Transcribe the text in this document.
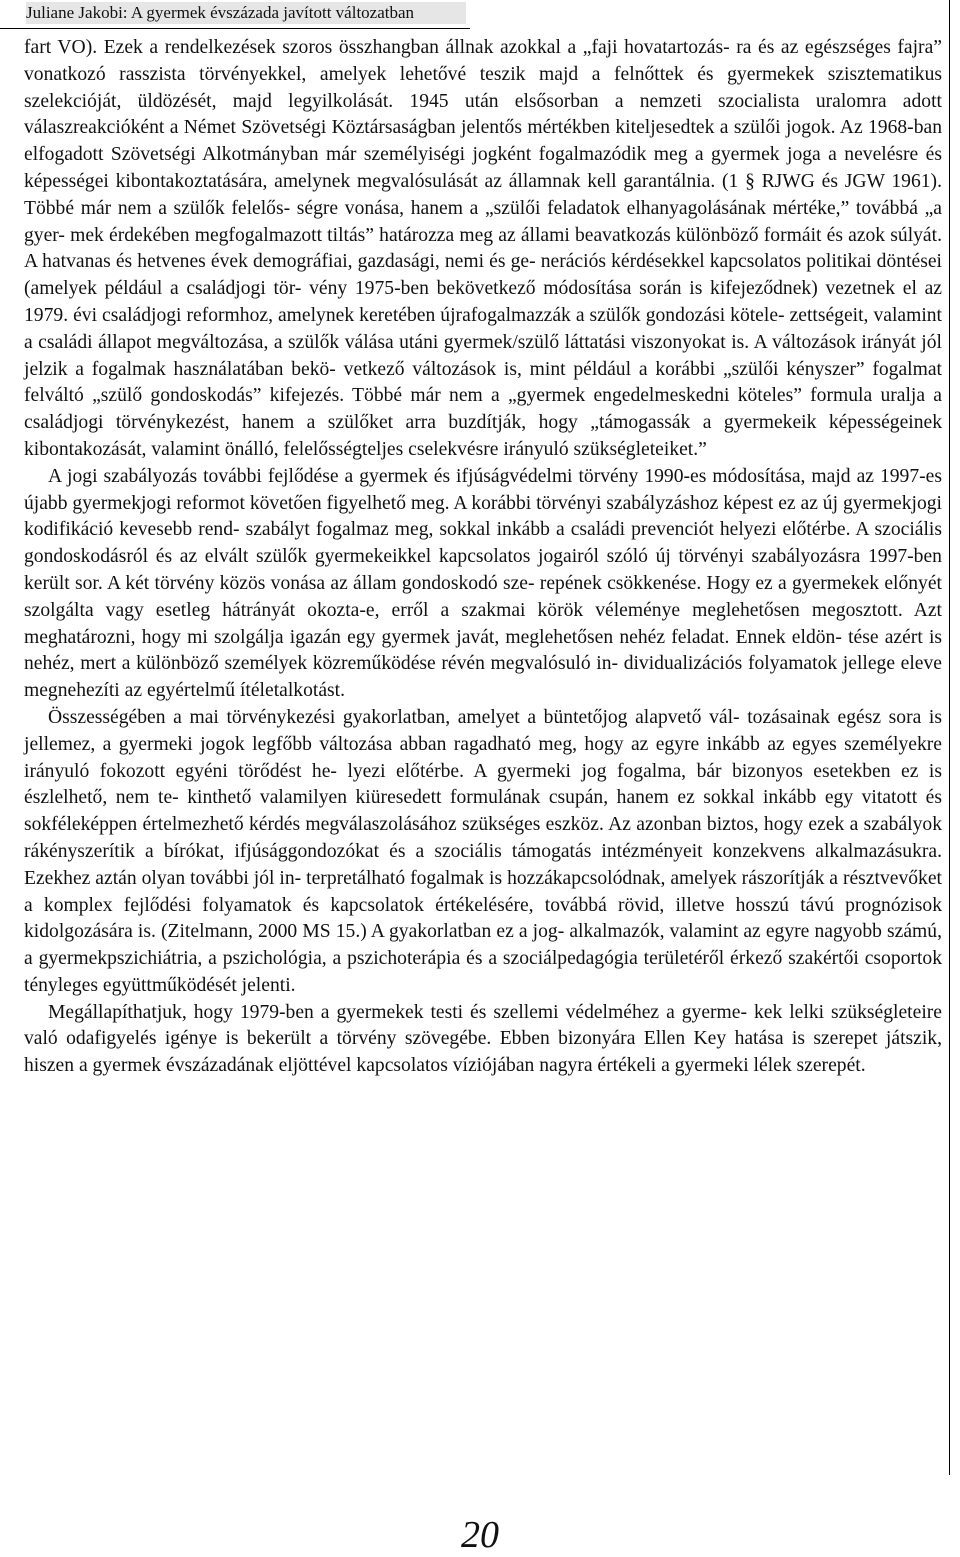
Juliane Jakobi: A gyermek évszázada javított változatban

fart VO). Ezek a rendelkezések szoros összhangban állnak azokkal a „faji hovatartozás- ra és az egészséges fajra” vonatkozó rasszista törvényekkel, amelyek lehetővé teszik majd a felnőttek és gyermekek szisztematikus szelekcióját, üldözését, majd legyilkolását. 1945 után elsősorban a nemzeti szocialista uralomra adott válaszreakcióként a Német Szövetségi Köztársaságban jelentős mértékben kiteljesedtek a szülői jogok. Az 1968-ban elfogadott Szövetségi Alkotmányban már személyiségi jogként fogalmazódik meg a gyermek joga a nevelésre és képességei kibontakoztatására, amelynek megvalósulását az államnak kell garantálnia. (1 § RJWG és JGW 1961). Többé már nem a szülők felelős- ségre vonása, hanem a „szülői feladatok elhanyagolásának mértéke,” továbbá „a gyer- mek érdekében megfogalmazott tiltás” határozza meg az állami beavatkozás különböző formáit és azok súlyát. A hatvanas és hetvenes évek demográfiai, gazdasági, nemi és ge- nerációs kérdésekkel kapcsolatos politikai döntései (amelyek például a családjogi tör- vény 1975-ben bekövetkező módosítása során is kifejeződnek) vezetnek el az 1979. évi családjogi reformhoz, amelynek keretében újrafogalmazzák a szülők gondozási kötele- zettségeit, valamint a családi állapot megváltozása, a szülők válása utáni gyermek/szülő láttatási viszonyokat is. A változások irányát jól jelzik a fogalmak használatában bekö- vetkező változások is, mint például a korábbi „szülői kényszer” fogalmat felváltó „szülő gondoskodás” kifejezés. Többé már nem a „gyermek engedelmeskedni köteles” formula uralja a családjogi törvénykezést, hanem a szülőket arra buzdítják, hogy „támogassák a gyermekeik képességeinek kibontakozását, valamint önálló, felelősségteljes cselekvésre irányuló szükségleteiket.”

A jogi szabályozás további fejlődése a gyermek és ifjúságvédelmi törvény 1990-es módosítása, majd az 1997-es újabb gyermekjogi reformot követően figyelhető meg. A korábbi törvényi szabályzáshoz képest ez az új gyermekjogi kodifikáció kevesebb rend- szabályt fogalmaz meg, sokkal inkább a családi prevenciót helyezi előtérbe. A szociális gondoskodásról és az elvált szülők gyermekeikkel kapcsolatos jogairól szóló új törvényi szabályozásra 1997-ben került sor. A két törvény közös vonása az állam gondoskodó sze- repének csökkenése. Hogy ez a gyermekek előnyét szolgálta vagy esetleg hátrányát okozta-e, erről a szakmai körök véleménye meglehetősen megosztott. Azt meghatározni, hogy mi szolgálja igazán egy gyermek javát, meglehetősen nehéz feladat. Ennek eldön- tése azért is nehéz, mert a különböző személyek közreműködése révén megvalósuló in- dividualizációs folyamatok jellege eleve megnehezíti az egyértelmű ítéletalkotást.

Összességében a mai törvénykezési gyakorlatban, amelyet a büntetőjog alapvető vál- tozásainak egész sora is jellemez, a gyermeki jogok legfőbb változása abban ragadható meg, hogy az egyre inkább az egyes személyekre irányuló fokozott egyéni törődést he- lyezi előtérbe. A gyermeki jog fogalma, bár bizonyos esetekben ez is észlelhető, nem te- kinthető valamilyen kiüresedett formulának csupán, hanem ez sokkal inkább egy vitatott és sokféleképpen értelmezhető kérdés megválaszolásához szükséges eszköz. Az azonban biztos, hogy ezek a szabályok rákényszerítik a bírókat, ifjúsággondozókat és a szociális támogatás intézményeit konzekvens alkalmazásukra. Ezekhez aztán olyan további jól in- terpretálható fogalmak is hozzákapcsolódnak, amelyek rászorítják a résztvevőket a komplex fejlődési folyamatok és kapcsolatok értékelésére, továbbá rövid, illetve hosszú távú prognózisok kidolgozására is. (Zitelmann, 2000 MS 15.) A gyakorlatban ez a jog- alkalmazók, valamint az egyre nagyobb számú, a gyermekpszichiátria, a pszichológia, a pszichoterápia és a szociálpedagógia területéről érkező szakértői csoportok tényleges együttműködését jelenti.

Megállapíthatjuk, hogy 1979-ben a gyermekek testi és szellemi védelméhez a gyerme- kek lelki szükségleteire való odafigyelés igénye is bekerült a törvény szövegébe. Ebben bizonyára Ellen Key hatása is szerepet játszik, hiszen a gyermek évszázadának eljöttével kapcsolatos víziójában nagyra értékeli a gyermeki lélek szerepét.

20
